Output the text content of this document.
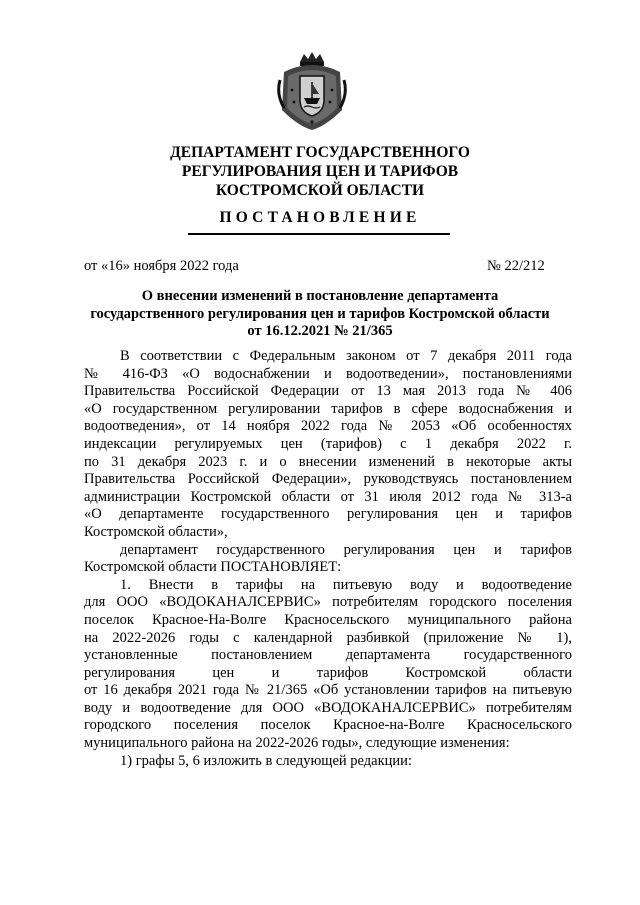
ДЕПАРТАМЕНТ ГОСУДАРСТВЕННОГО
РЕГУЛИРОВАНИЯ ЦЕН И ТАРИФОВ
КОСТРОМСКОЙ ОБЛАСТИ
ПОСТАНОВЛЕНИЕ
от «16» ноября 2022 года	№ 22/212
О внесении изменений в постановление департамента
государственного регулирования цен и тарифов Костромской области
от 16.12.2021 № 21/365
В соответствии с Федеральным законом от 7 декабря 2011 года
№ 416-ФЗ «О водоснабжении и водоотведении», постановлениями
Правительства Российской Федерации от 13 мая 2013 года № 406
«О государственном регулировании тарифов в сфере водоснабжения и
водоотведения», от 14 ноября 2022 года № 2053 «Об особенностях
индексации регулируемых цен (тарифов) с 1 декабря 2022 г.
по 31 декабря 2023 г. и о внесении изменений в некоторые акты
Правительства Российской Федерации», руководствуясь постановлением
администрации Костромской области от 31 июля 2012 года № 313-а
«О департаменте государственного регулирования цен и тарифов
Костромской области»,
департамент государственного регулирования цен и тарифов
Костромской области ПОСТАНОВЛЯЕТ:
1. Внести в тарифы на питьевую воду и водоотведение
для ООО «ВОДОКАНАЛСЕРВИС» потребителям городского поселения
поселок Красное-На-Волге Красносельского муниципального района
на 2022-2026 годы с календарной разбивкой (приложение № 1),
установленные постановлением департамента государственного
регулирования цен и тарифов Костромской области
от 16 декабря 2021 года № 21/365 «Об установлении тарифов на питьевую
воду и водоотведение для ООО «ВОДОКАНАЛСЕРВИС» потребителям
городского поселения поселок Красное-на-Волге Красносельского
муниципального района на 2022-2026 годы», следующие изменения:
1) графы 5, 6 изложить в следующей редакции:
